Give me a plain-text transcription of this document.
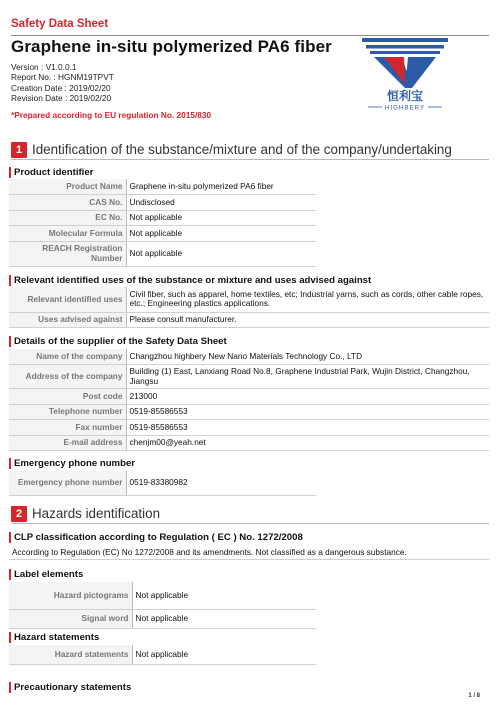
Safety Data Sheet
Graphene in-situ polymerized PA6 fiber
Version : V1.0.0.1
Report No. : HGNM19TPVT
Creation Date : 2019/02/20
Revision Date : 2019/02/20
*Prepared according to EU regulation No. 2015/830
恒利宝
HIGHBERY
1 Identification of the substance/mixture and of the company/undertaking
Product identifier
Product Name	Graphene in-situ polymerized PA6 fiber
CAS No.	Undisclosed
EC No.	Not applicable
Molecular Formula	Not applicable
REACH Registration Number	Not applicable
Relevant identified uses of the substance or mixture and uses advised against
Relevant identified uses	Civil fiber, such as apparel, home textiles, etc; Industrial yarns, such as cords, other cable ropes, etc.; Engineering plastics applications.
Uses advised against	Please consult manufacturer.
Details of the supplier of the Safety Data Sheet
Name of the company	Changzhou highbery New Nano Materials Technology Co., LTD
Address of the company	Building (1) East, Lanxiang Road No.8, Graphene Industrial Park, Wujin District, Changzhou, Jiangsu
Post code	213000
Telephone number	0519-85586553
Fax number	0519-85586553
E-mail address	chenjm00@yeah.net
Emergency phone number
Emergency phone number	0519-83380982
2 Hazards identification
CLP classification according to Regulation ( EC ) No. 1272/2008
According to Regulation (EC) No 1272/2008 and its amendments. Not classified as a dangerous substance.
Label elements
Hazard pictograms	Not applicable
Signal word	Not applicable
Hazard statements
Hazard statements	Not applicable
Precautionary statements
1 / 8
